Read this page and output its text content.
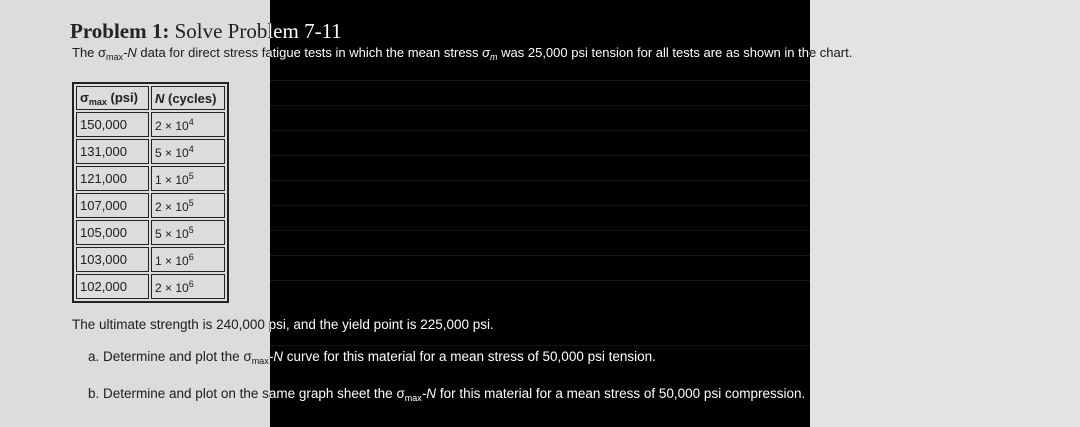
Problem 1: Solve Problem 7-11
The $\sigma_{max}-N$ data for direct stress fatigue tests in which the mean stress $\sigma_m$ was 25,000 psi tension for all tests are as shown in the chart.
$\sigma_{max}$ (psi)	N (cycles)
150,000	$2 \times 10^4$
131,000	$5 \times 10^4$
121,000	$1 \times 10^5$
107,000	$2 \times 10^5$
105,000	$5 \times 10^5$
103,000	$1 \times 10^6$
102,000	$2 \times 10^6$
The ultimate strength is 240,000 psi, and the yield point is 225,000 psi.
a. Determine and plot the $\sigma_{max}-N$ curve for this material for a mean stress of 50,000 psi tension.
b. Determine and plot on the same graph sheet the $\sigma_{max}-N$ for this material for a mean stress of 50,000 psi compression.
